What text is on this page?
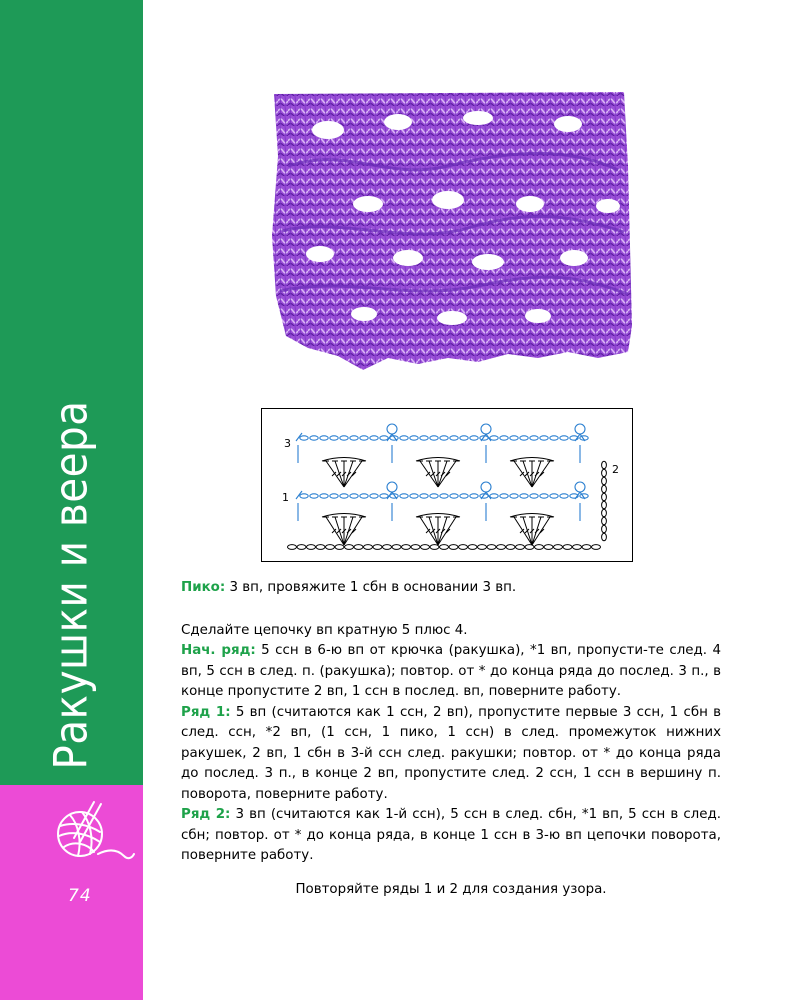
Ракушки и веера
74
3
2
1

Пико: 3 вп, провяжите 1 сбн в основании 3 вп.

Сделайте цепочку вп кратную 5 плюс 4.

Нач. ряд: 5 ссн в 6-ю вп от крючка (ракушка), *1 вп, пропусти-те след. 4 вп, 5 ссн в след. п. (ракушка); повтор. от * до конца ряда до послед. 3 п., в конце пропустите 2 вп, 1 ссн в послед. вп, поверните работу.

Ряд 1: 5 вп (считаются как 1 ссн, 2 вп), пропустите первые 3 ссн, 1 сбн в след. ссн, *2 вп, (1 ссн, 1 пико, 1 ссн) в след. промежуток нижних ракушек, 2 вп, 1 сбн в 3-й ссн след. ракушки; повтор. от * до конца ряда до послед. 3 п., в конце 2 вп, пропустите след. 2 ссн, 1 ссн в вершину п. поворота, поверните работу.

Ряд 2: 3 вп (считаются как 1-й ссн), 5 ссн в след. сбн, *1 вп, 5 ссн в след. сбн; повтор. от * до конца ряда, в конце 1 ссн в 3-ю вп цепочки поворота, поверните работу.

Повторяйте ряды 1 и 2 для создания узора.
